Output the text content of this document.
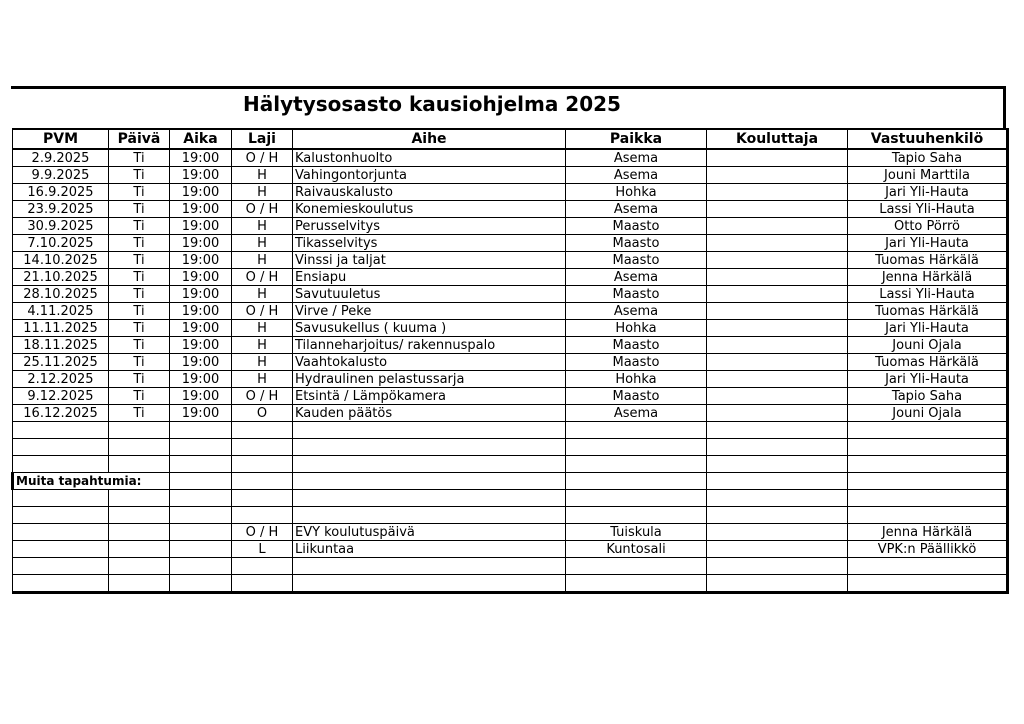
Hälytysosasto kausiohjelma 2025
PVM	Päivä	Aika	Laji	Aihe	Paikka	Kouluttaja	Vastuuhenkilö
2.9.2025	Ti	19:00	O / H	Kalustonhuolto	Asema		Tapio Saha
9.9.2025	Ti	19:00	H	Vahingontorjunta	Asema		Jouni Marttila
16.9.2025	Ti	19:00	H	Raivauskalusto	Hohka		Jari Yli-Hauta
23.9.2025	Ti	19:00	O / H	Konemieskoulutus	Asema		Lassi Yli-Hauta
30.9.2025	Ti	19:00	H	Perusselvitys	Maasto		Otto Pörrö
7.10.2025	Ti	19:00	H	Tikasselvitys	Maasto		Jari Yli-Hauta
14.10.2025	Ti	19:00	H	Vinssi ja taljat	Maasto		Tuomas Härkälä
21.10.2025	Ti	19:00	O / H	Ensiapu	Asema		Jenna Härkälä
28.10.2025	Ti	19:00	H	Savutuuletus	Maasto		Lassi Yli-Hauta
4.11.2025	Ti	19:00	O / H	Virve / Peke	Asema		Tuomas Härkälä
11.11.2025	Ti	19:00	H	Savusukellus ( kuuma )	Hohka		Jari Yli-Hauta
18.11.2025	Ti	19:00	H	Tilanneharjoitus/ rakennuspalo	Maasto		Jouni Ojala
25.11.2025	Ti	19:00	H	Vaahtokalusto	Maasto		Tuomas Härkälä
2.12.2025	Ti	19:00	H	Hydraulinen pelastussarja	Hohka		Jari Yli-Hauta
9.12.2025	Ti	19:00	O / H	Etsintä / Lämpökamera	Maasto		Tapio Saha
16.12.2025	Ti	19:00	O	Kauden päätös	Asema		Jouni Ojala

Muita tapahtumia:							

			O / H	EVY koulutuspäivä	Tuiskula		Jenna Härkälä
			L	Liikuntaa	Kuntosali		VPK:n Päällikkö
